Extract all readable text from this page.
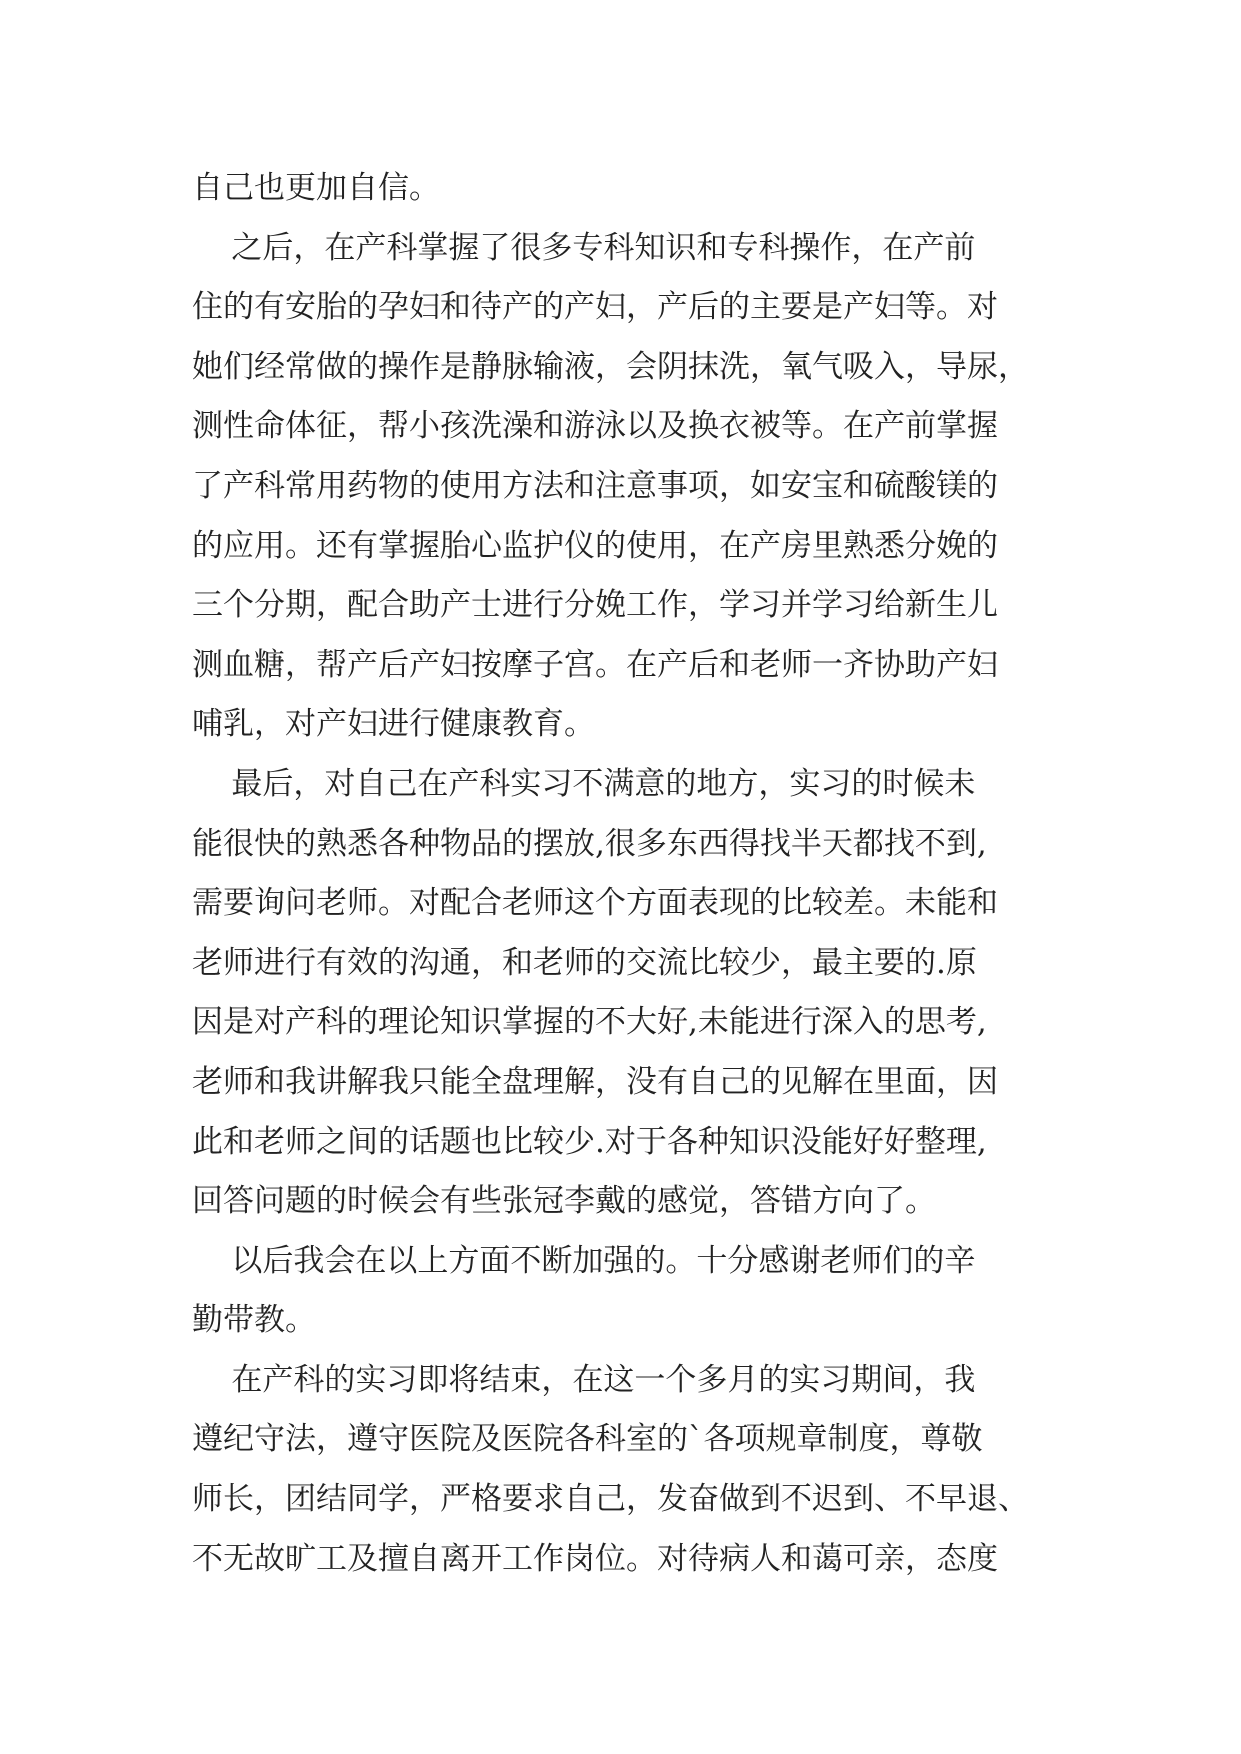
自己也更加自信。
之后，在产科掌握了很多专科知识和专科操作，在产前
住的有安胎的孕妇和待产的产妇，产后的主要是产妇等。对
她们经常做的操作是静脉输液，会阴抹洗，氧气吸入，导尿，
测性命体征，帮小孩洗澡和游泳以及换衣被等。在产前掌握
了产科常用药物的使用方法和注意事项，如安宝和硫酸镁的
的应用。还有掌握胎心监护仪的使用，在产房里熟悉分娩的
三个分期，配合助产士进行分娩工作，学习并学习给新生儿
测血糖，帮产后产妇按摩子宫。在产后和老师一齐协助产妇
哺乳，对产妇进行健康教育。
最后，对自己在产科实习不满意的地方，实习的时候未
能很快的熟悉各种物品的摆放,很多东西得找半天都找不到,
需要询问老师。对配合老师这个方面表现的比较差。未能和
老师进行有效的沟通，和老师的交流比较少，最主要的.原
因是对产科的理论知识掌握的不大好,未能进行深入的思考,
老师和我讲解我只能全盘理解，没有自己的见解在里面，因
此和老师之间的话题也比较少.对于各种知识没能好好整理,
回答问题的时候会有些张冠李戴的感觉，答错方向了。
以后我会在以上方面不断加强的。十分感谢老师们的辛
勤带教。
在产科的实习即将结束，在这一个多月的实习期间，我
遵纪守法，遵守医院及医院各科室的`各项规章制度，尊敬
师长，团结同学，严格要求自己，发奋做到不迟到、不早退、
不无故旷工及擅自离开工作岗位。对待病人和蔼可亲，态度
